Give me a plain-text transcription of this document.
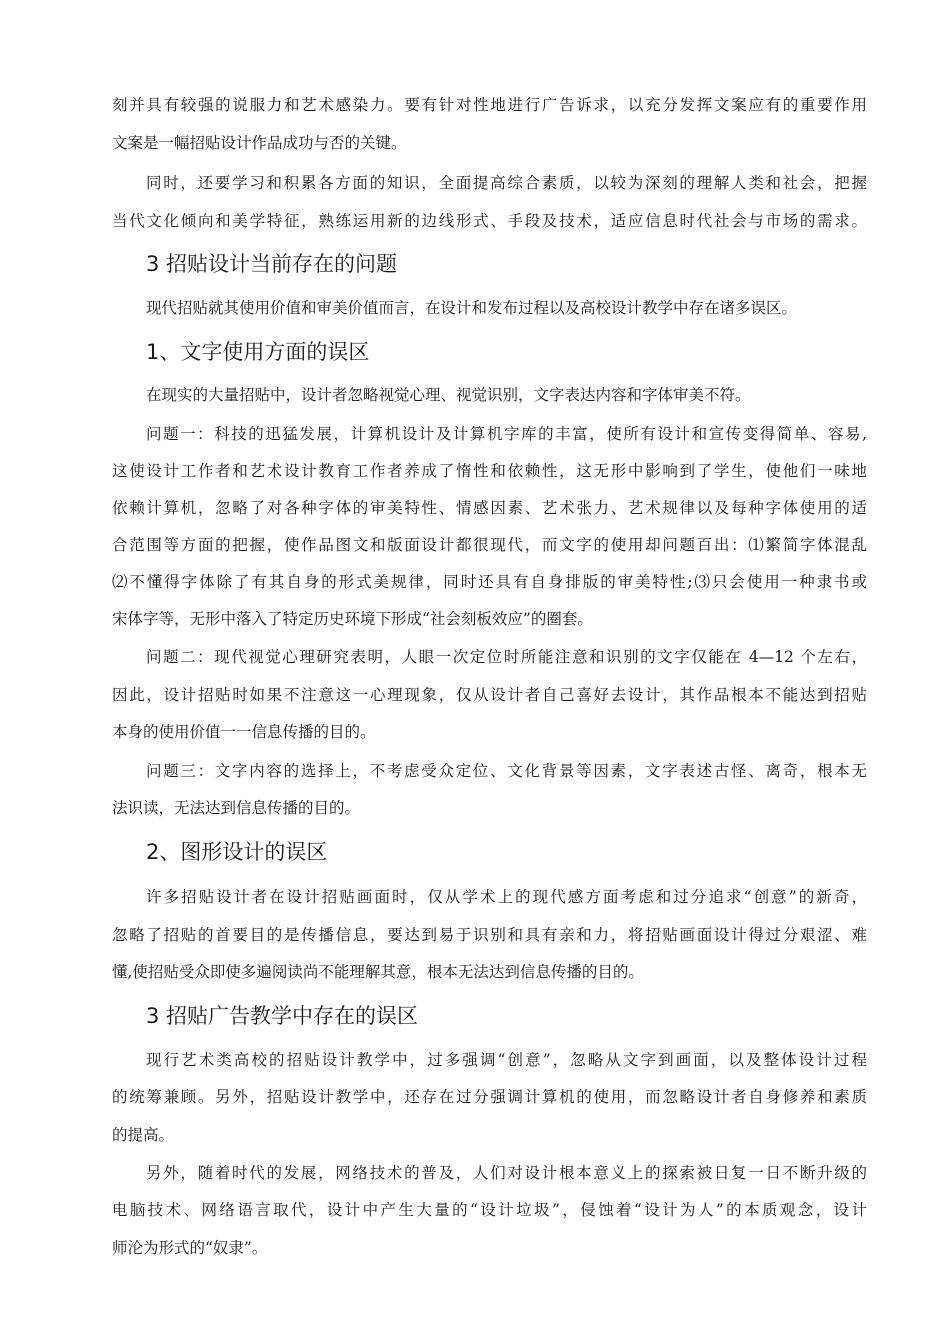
刻并具有较强的说服力和艺术感染力。要有针对性地进行广告诉求，以充分发挥文案应有的重要作用
文案是一幅招贴设计作品成功与否的关键。
同时，还要学习和积累各方面的知识，全面提高综合素质，以较为深刻的理解人类和社会，把握
当代文化倾向和美学特征，熟练运用新的边线形式、手段及技术，适应信息时代社会与市场的需求。
3 招贴设计当前存在的问题
现代招贴就其使用价值和审美价值而言，在设计和发布过程以及高校设计教学中存在诸多误区。
1、文字使用方面的误区
在现实的大量招贴中，设计者忽略视觉心理、视觉识别，文字表达内容和字体审美不符。
问题一：科技的迅猛发展，计算机设计及计算机字库的丰富，使所有设计和宣传变得简单、容易,
这使设计工作者和艺术设计教育工作者养成了惰性和依赖性，这无形中影响到了学生，使他们一味地
依赖计算机，忽略了对各种字体的审美特性、情感因素、艺术张力、艺术规律以及每种字体使用的适
合范围等方面的把握，使作品图文和版面设计都很现代，而文字的使用却问题百出：⑴繁简字体混乱
⑵不懂得字体除了有其自身的形式美规律，同时还具有自身排版的审美特性;⑶只会使用一种隶书或
宋体字等，无形中落入了特定历史环境下形成“社会刻板效应”的圈套。
问题二：现代视觉心理研究表明，人眼一次定位时所能注意和识别的文字仅能在 4—12 个左右，
因此，设计招贴时如果不注意这一心理现象，仅从设计者自己喜好去设计，其作品根本不能达到招贴
本身的使用价值一一信息传播的目的。
问题三：文字内容的选择上，不考虑受众定位、文化背景等因素，文字表述古怪、离奇，根本无
法识读，无法达到信息传播的目的。
2、图形设计的误区
许多招贴设计者在设计招贴画面时，仅从学术上的现代感方面考虑和过分追求“创意”的新奇，
忽略了招贴的首要目的是传播信息，要达到易于识别和具有亲和力，将招贴画面设计得过分艰涩、难
懂,使招贴受众即使多遍阅读尚不能理解其意，根本无法达到信息传播的目的。
3 招贴广告教学中存在的误区
现行艺术类高校的招贴设计教学中，过多强调“创意”，忽略从文字到画面，以及整体设计过程
的统筹兼顾。另外，招贴设计教学中，还存在过分强调计算机的使用，而忽略设计者自身修养和素质
的提高。
另外，随着时代的发展，网络技术的普及，人们对设计根本意义上的探索被日复一日不断升级的
电脑技术、网络语言取代，设计中产生大量的“设计垃圾”，侵蚀着“设计为人”的本质观念，设计
师沦为形式的“奴隶”。
